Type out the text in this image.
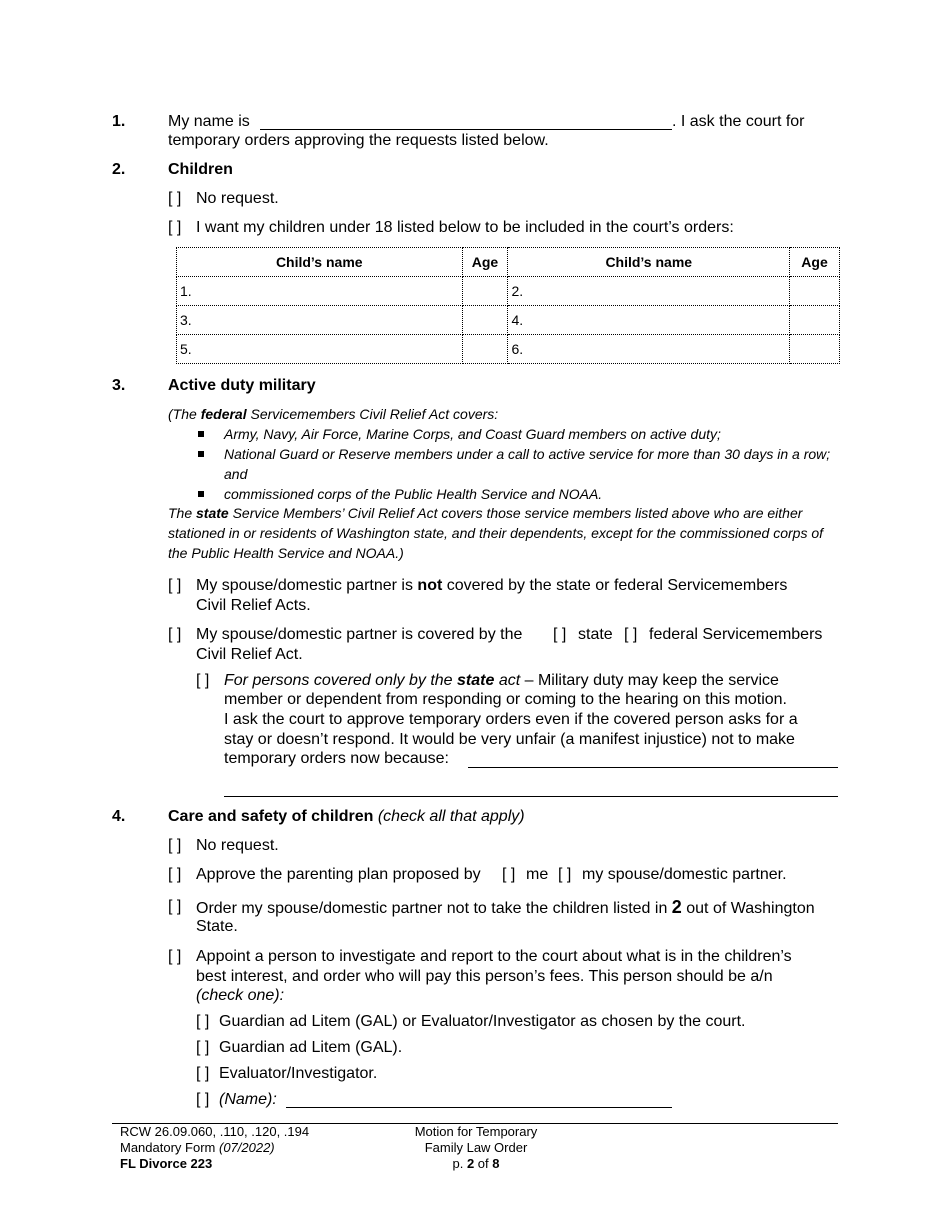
1.	My name is	. I ask the court for
temporary orders approving the requests listed below.
2.	Children
[ ] No request.
[ ] I want my children under 18 listed below to be included in the court’s orders:
Child’s name	Age	Child’s name	Age
1.		2.	
3.		4.	
5.		6.	
3.	Active duty military
(The federal Servicemembers Civil Relief Act covers:
Army, Navy, Air Force, Marine Corps, and Coast Guard members on active duty;
National Guard or Reserve members under a call to active service for more than 30 days in a row;
and
commissioned corps of the Public Health Service and NOAA.
The state Service Members’ Civil Relief Act covers those service members listed above who are either
stationed in or residents of Washington state, and their dependents, except for the commissioned corps of
the Public Health Service and NOAA.)
[ ] My spouse/domestic partner is not covered by the state or federal Servicemembers
Civil Relief Acts.
[ ] My spouse/domestic partner is covered by the [ ] state [ ] federal Servicemembers
Civil Relief Act.
[ ] For persons covered only by the state act – Military duty may keep the service
member or dependent from responding or coming to the hearing on this motion.
I ask the court to approve temporary orders even if the covered person asks for a
stay or doesn’t respond. It would be very unfair (a manifest injustice) not to make
temporary orders now because:
4.	Care and safety of children (check all that apply)
[ ] No request.
[ ] Approve the parenting plan proposed by [ ] me [ ] my spouse/domestic partner.
[ ] Order my spouse/domestic partner not to take the children listed in 2 out of Washington
State.
[ ] Appoint a person to investigate and report to the court about what is in the children’s
best interest, and order who will pay this person’s fees. This person should be a/n
(check one):
[ ] Guardian ad Litem (GAL) or Evaluator/Investigator as chosen by the court.
[ ] Guardian ad Litem (GAL).
[ ] Evaluator/Investigator.
[ ] (Name):
RCW 26.09.060, .110, .120, .194
Mandatory Form (07/2022)
FL Divorce 223
Motion for Temporary
Family Law Order
p. 2 of 8
